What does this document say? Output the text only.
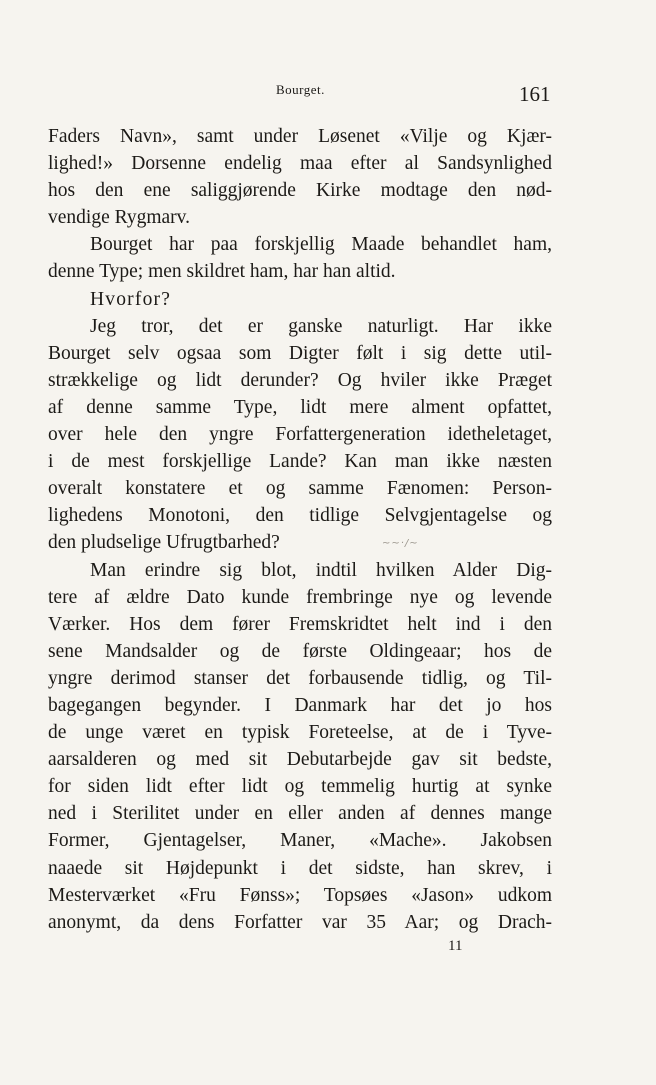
Bourget.	161
Faders Navn», samt under Løsenet «Vilje og Kjær-
lighed!» Dorsenne endelig maa efter al Sandsynlighed
hos den ene saliggjørende Kirke modtage den nød-
vendige Rygmarv.
Bourget har paa forskjellig Maade behandlet ham,
denne Type; men skildret ham, har han altid.
Hvorfor?
Jeg tror, det er ganske naturligt. Har ikke
Bourget selv ogsaa som Digter følt i sig dette util-
strækkelige og lidt derunder? Og hviler ikke Præget
af denne samme Type, lidt mere alment opfattet,
over hele den yngre Forfattergeneration idetheletaget,
i de mest forskjellige Lande? Kan man ikke næsten
overalt konstatere et og samme Fænomen: Person-
lighedens Monotoni, den tidlige Selvgjentagelse og
den pludselige Ufrugtbarhed?
Man erindre sig blot, indtil hvilken Alder Dig-
tere af ældre Dato kunde frembringe nye og levende
Værker. Hos dem fører Fremskridtet helt ind i den
sene Mandsalder og de første Oldingeaar; hos de
yngre derimod stanser det forbausende tidlig, og Til-
bagegangen begynder. I Danmark har det jo hos
de unge været en typisk Foreteelse, at de i Tyve-
aarsalderen og med sit Debutarbejde gav sit bedste,
for siden lidt efter lidt og temmelig hurtig at synke
ned i Sterilitet under en eller anden af dennes mange
Former, Gjentagelser, Maner, «Mache». Jakobsen
naaede sit Højdepunkt i det sidste, han skrev, i
Mesterværket «Fru Fønss»; Topsøes «Jason» udkom
anonymt, da dens Forfatter var 35 Aar; og Drach-
~~·/~
11
